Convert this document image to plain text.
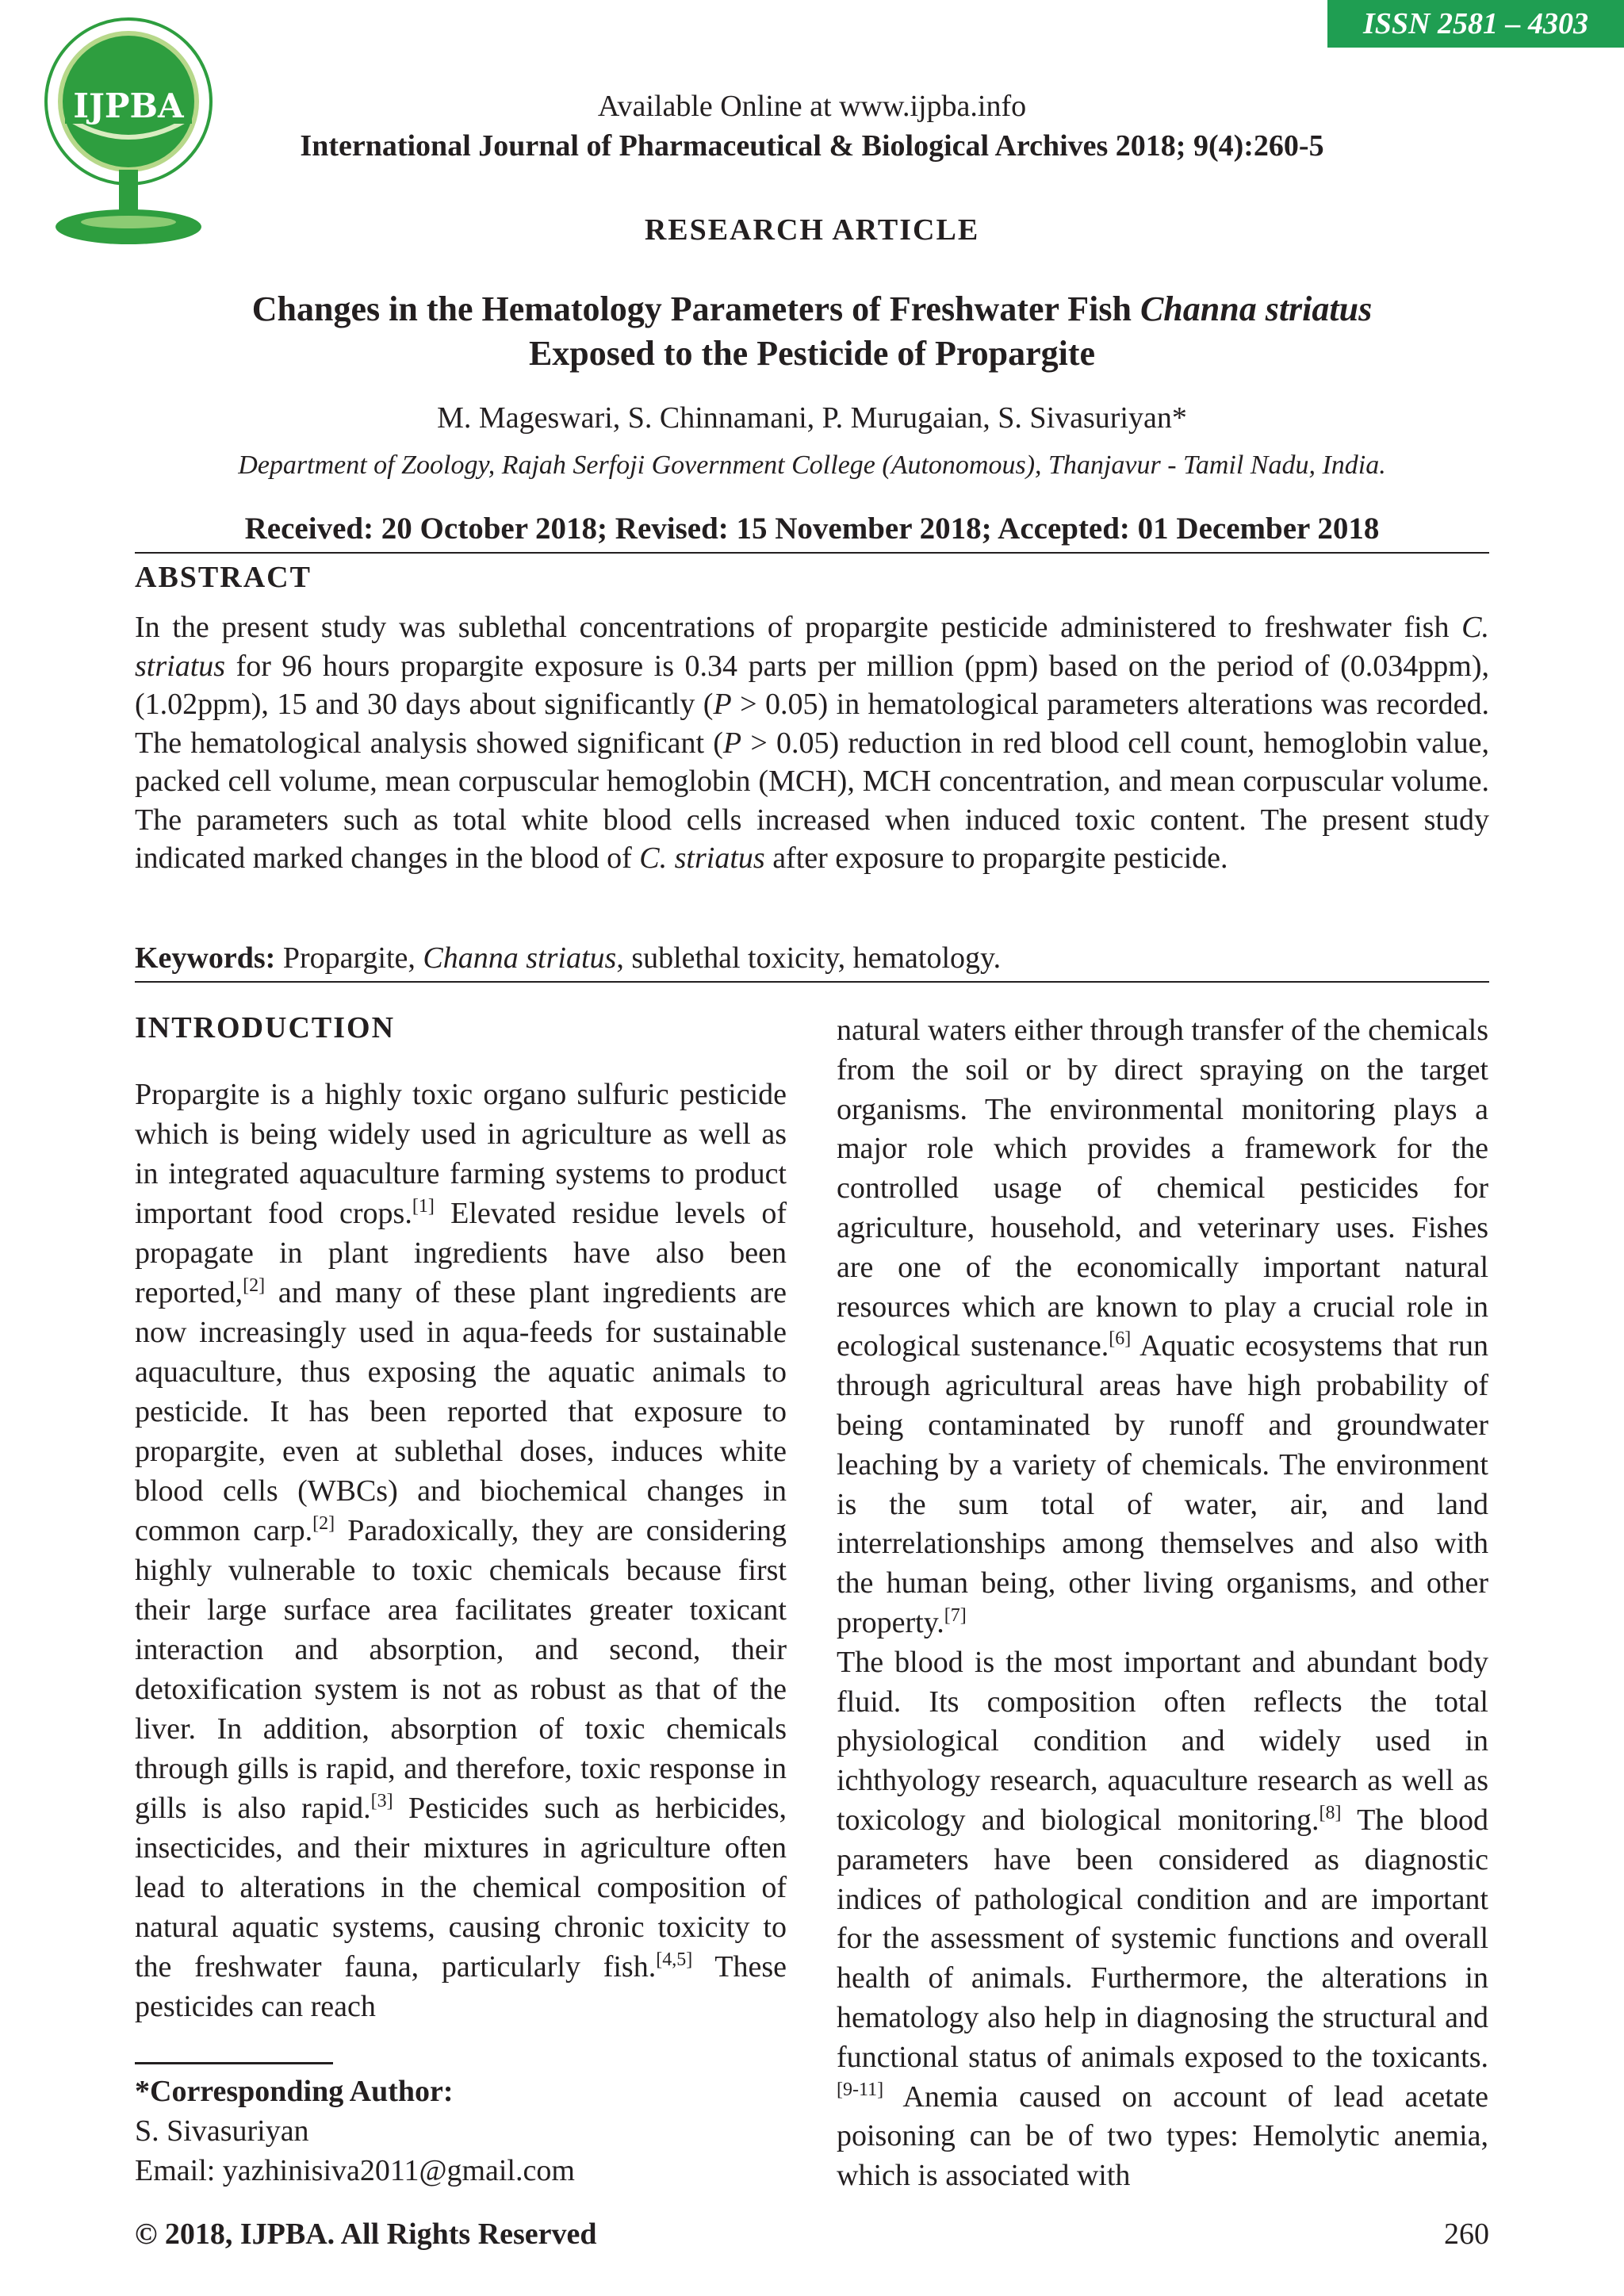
IJPBA
ISSN 2581 – 4303
Available Online at www.ijpba.info
International Journal of Pharmaceutical & Biological Archives 2018; 9(4):260-5
RESEARCH ARTICLE
Changes in the Hematology Parameters of Freshwater Fish Channa striatus
Exposed to the Pesticide of Propargite
M. Mageswari, S. Chinnamani, P. Murugaian, S. Sivasuriyan*
Department of Zoology, Rajah Serfoji Government College (Autonomous), Thanjavur - Tamil Nadu, India.
Received: 20 October 2018; Revised: 15 November 2018; Accepted: 01 December 2018
ABSTRACT

In the present study was sublethal concentrations of propargite pesticide administered to freshwater fish C. striatus for 96 hours propargite exposure is 0.34 parts per million (ppm) based on the period of (0.034ppm), (1.02ppm), 15 and 30 days about significantly (P > 0.05) in hematological parameters alterations was recorded. The hematological analysis showed significant (P > 0.05) reduction in red blood cell count, hemoglobin value, packed cell volume, mean corpuscular hemoglobin (MCH), MCH concentration, and mean corpuscular volume. The parameters such as total white blood cells increased when induced toxic content. The present study indicated marked changes in the blood of C. striatus after exposure to propargite pesticide.

Keywords: Propargite, Channa striatus, sublethal toxicity, hematology.
INTRODUCTION

Propargite is a highly toxic organo sulfuric pesticide which is being widely used in agriculture as well as in integrated aquaculture farming systems to product important food crops.[1] Elevated residue levels of propagate in plant ingredients have also been reported,[2] and many of these plant ingredients are now increasingly used in aqua-feeds for sustainable aquaculture, thus exposing the aquatic animals to pesticide. It has been reported that exposure to propargite, even at sublethal doses, induces white blood cells (WBCs) and biochemical changes in common carp.[2] Paradoxically, they are considering highly vulnerable to toxic chemicals because first their large surface area facilitates greater toxicant interaction and absorption, and second, their detoxification system is not as robust as that of the liver. In addition, absorption of toxic chemicals through gills is rapid, and therefore, toxic response in gills is also rapid.[3] Pesticides such as herbicides, insecticides, and their mixtures in agriculture often lead to alterations in the chemical composition of natural aquatic systems, causing chronic toxicity to the freshwater fauna, particularly fish.[4,5] These pesticides can reach

natural waters either through transfer of the chemicals from the soil or by direct spraying on the target organisms. The environmental monitoring plays a major role which provides a framework for the controlled usage of chemical pesticides for agriculture, household, and veterinary uses. Fishes are one of the economically important natural resources which are known to play a crucial role in ecological sustenance.[6] Aquatic ecosystems that run through agricultural areas have high probability of being contaminated by runoff and groundwater leaching by a variety of chemicals. The environment is the sum total of water, air, and land interrelationships among themselves and also with the human being, other living organisms, and other property.[7]
The blood is the most important and abundant body fluid. Its composition often reflects the total physiological condition and widely used in ichthyology research, aquaculture research as well as toxicology and biological monitoring.[8] The blood parameters have been considered as diagnostic indices of pathological condition and are important for the assessment of systemic functions and overall health of animals. Furthermore, the alterations in hematology also help in diagnosing the structural and functional status of animals exposed to the toxicants.[9-11] Anemia caused on account of lead acetate poisoning can be of two types: Hemolytic anemia, which is associated with

*Corresponding Author:
S. Sivasuriyan
Email: yazhinisiva2011@gmail.com
© 2018, IJPBA. All Rights Reserved	260
